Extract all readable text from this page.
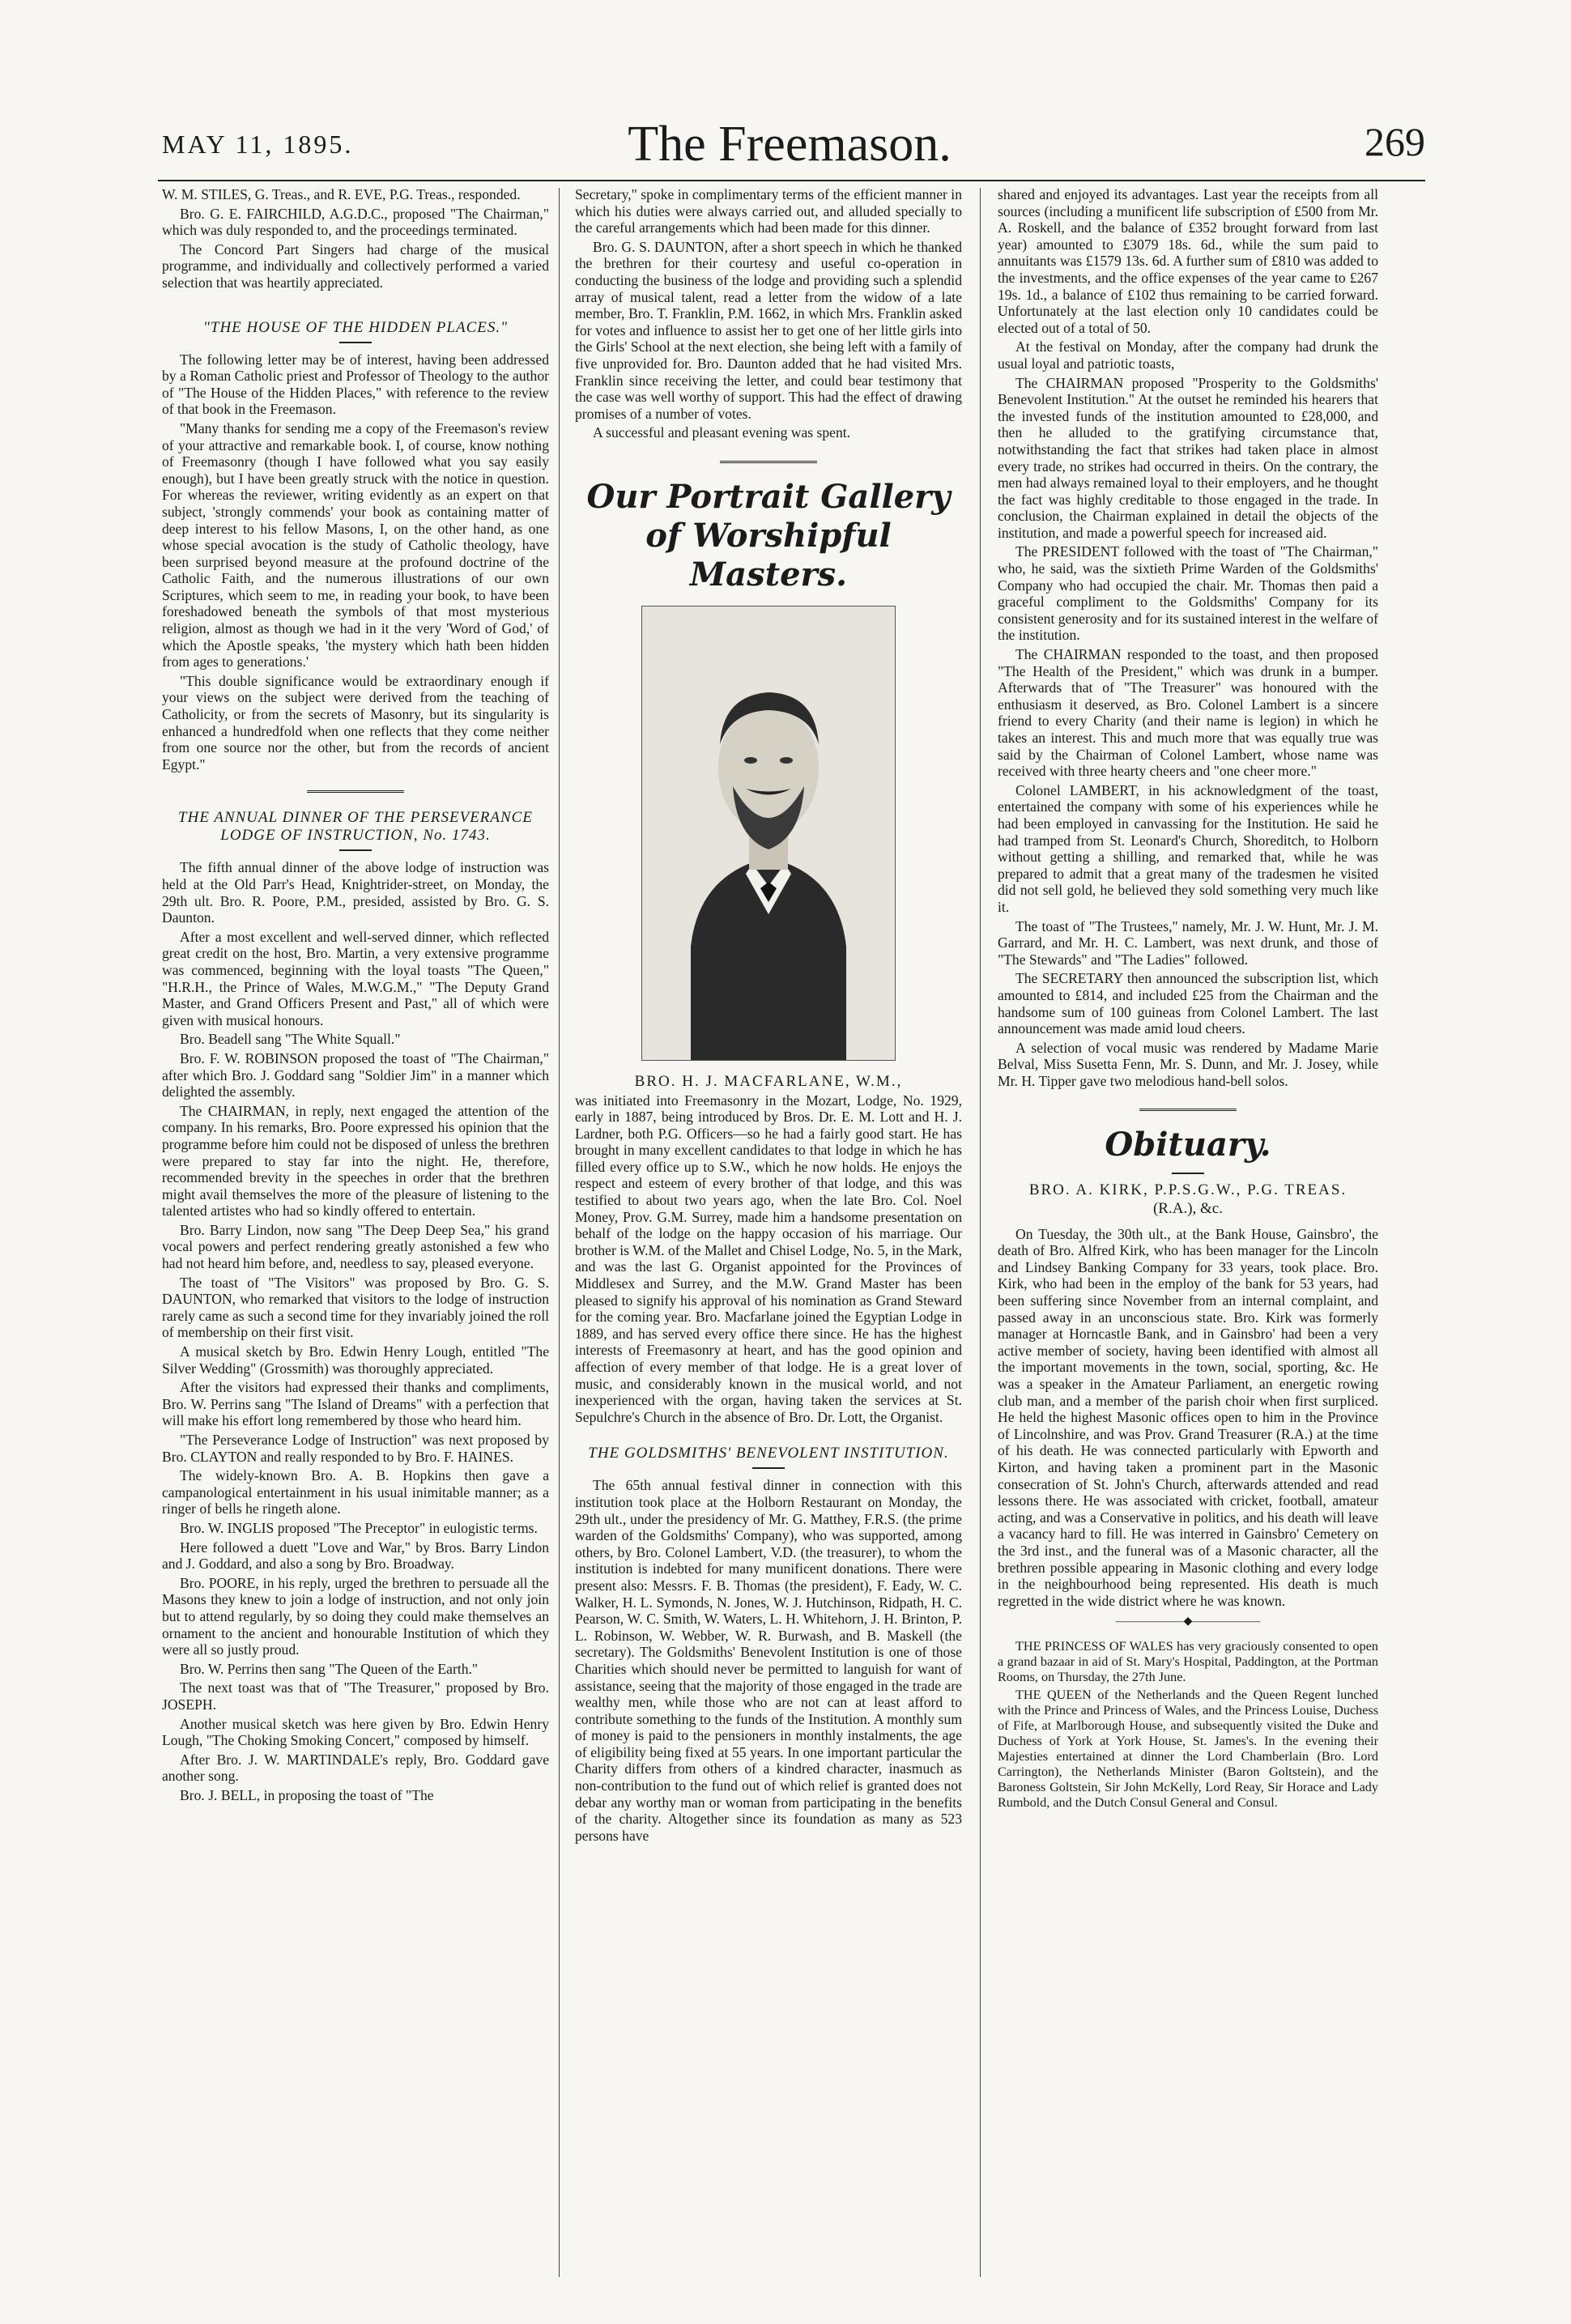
MAY 11, 1895.	The Freemason.	269

W. M. STILES, G. Treas., and R. EVE, P.G. Treas., responded.

Bro. G. E. FAIRCHILD, A.G.D.C., proposed "The Chairman," which was duly responded to, and the proceedings terminated.

The Concord Part Singers had charge of the musical programme, and individually and collectively performed a varied selection that was heartily appreciated.

"THE HOUSE OF THE HIDDEN PLACES."

The following letter may be of interest, having been addressed by a Roman Catholic priest and Professor of Theology to the author of "The House of the Hidden Places," with reference to the review of that book in the Freemason.

"Many thanks for sending me a copy of the Freemason's review of your attractive and remarkable book. I, of course, know nothing of Freemasonry (though I have followed what you say easily enough), but I have been greatly struck with the notice in question. For whereas the reviewer, writing evidently as an expert on that subject, 'strongly commends' your book as containing matter of deep interest to his fellow Masons, I, on the other hand, as one whose special avocation is the study of Catholic theology, have been surprised beyond measure at the profound doctrine of the Catholic Faith, and the numerous illustrations of our own Scriptures, which seem to me, in reading your book, to have been foreshadowed beneath the symbols of that most mysterious religion, almost as though we had in it the very 'Word of God,' of which the Apostle speaks, 'the mystery which hath been hidden from ages to generations.'

"This double significance would be extraordinary enough if your views on the subject were derived from the teaching of Catholicity, or from the secrets of Masonry, but its singularity is enhanced a hundredfold when one reflects that they come neither from one source nor the other, but from the records of ancient Egypt."

THE ANNUAL DINNER OF THE PERSEVERANCE LODGE OF INSTRUCTION, No. 1743.

The fifth annual dinner of the above lodge of instruction was held at the Old Parr's Head, Knightrider-street, on Monday, the 29th ult. Bro. R. Poore, P.M., presided, assisted by Bro. G. S. Daunton.

After a most excellent and well-served dinner, which reflected great credit on the host, Bro. Martin, a very extensive programme was commenced, beginning with the loyal toasts "The Queen," "H.R.H., the Prince of Wales, M.W.G.M.," "The Deputy Grand Master, and Grand Officers Present and Past," all of which were given with musical honours.

Bro. Beadell sang "The White Squall."

Bro. F. W. ROBINSON proposed the toast of "The Chairman," after which Bro. J. Goddard sang "Soldier Jim" in a manner which delighted the assembly.

The CHAIRMAN, in reply, next engaged the attention of the company. In his remarks, Bro. Poore expressed his opinion that the programme before him could not be disposed of unless the brethren were prepared to stay far into the night. He, therefore, recommended brevity in the speeches in order that the brethren might avail themselves the more of the pleasure of listening to the talented artistes who had so kindly offered to entertain.

Bro. Barry Lindon, now sang "The Deep Deep Sea," his grand vocal powers and perfect rendering greatly astonished a few who had not heard him before, and, needless to say, pleased everyone.

The toast of "The Visitors" was proposed by Bro. G. S. DAUNTON, who remarked that visitors to the lodge of instruction rarely came as such a second time for they invariably joined the roll of membership on their first visit.

A musical sketch by Bro. Edwin Henry Lough, entitled "The Silver Wedding" (Grossmith) was thoroughly appreciated.

After the visitors had expressed their thanks and compliments, Bro. W. Perrins sang "The Island of Dreams" with a perfection that will make his effort long remembered by those who heard him.

"The Perseverance Lodge of Instruction" was next proposed by Bro. CLAYTON and really responded to by Bro. F. HAINES.

The widely-known Bro. A. B. Hopkins then gave a campanological entertainment in his usual inimitable manner; as a ringer of bells he ringeth alone.

Bro. W. INGLIS proposed "The Preceptor" in eulogistic terms.

Here followed a duett "Love and War," by Bros. Barry Lindon and J. Goddard, and also a song by Bro. Broadway.

Bro. POORE, in his reply, urged the brethren to persuade all the Masons they knew to join a lodge of instruction, and not only join but to attend regularly, by so doing they could make themselves an ornament to the ancient and honourable Institution of which they were all so justly proud.

Bro. W. Perrins then sang "The Queen of the Earth."

The next toast was that of "The Treasurer," proposed by Bro. JOSEPH.

Another musical sketch was here given by Bro. Edwin Henry Lough, "The Choking Smoking Concert," composed by himself.

After Bro. J. W. MARTINDALE's reply, Bro. Goddard gave another song.

Bro. J. BELL, in proposing the toast of "The

Secretary," spoke in complimentary terms of the efficient manner in which his duties were always carried out, and alluded specially to the careful arrangements which had been made for this dinner.

Bro. G. S. DAUNTON, after a short speech in which he thanked the brethren for their courtesy and useful co-operation in conducting the business of the lodge and providing such a splendid array of musical talent, read a letter from the widow of a late member, Bro. T. Franklin, P.M. 1662, in which Mrs. Franklin asked for votes and influence to assist her to get one of her little girls into the Girls' School at the next election, she being left with a family of five unprovided for. Bro. Daunton added that he had visited Mrs. Franklin since receiving the letter, and could bear testimony that the case was well worthy of support. This had the effect of drawing promises of a number of votes.

A successful and pleasant evening was spent.

Our Portrait Gallery of Worshipful Masters.
BRO. H. J. MACFARLANE, W.M.,

was initiated into Freemasonry in the Mozart, Lodge, No. 1929, early in 1887, being introduced by Bros. Dr. E. M. Lott and H. J. Lardner, both P.G. Officers—so he had a fairly good start. He has brought in many excellent candidates to that lodge in which he has filled every office up to S.W., which he now holds. He enjoys the respect and esteem of every brother of that lodge, and this was testified to about two years ago, when the late Bro. Col. Noel Money, Prov. G.M. Surrey, made him a handsome presentation on behalf of the lodge on the happy occasion of his marriage. Our brother is W.M. of the Mallet and Chisel Lodge, No. 5, in the Mark, and was the last G. Organist appointed for the Provinces of Middlesex and Surrey, and the M.W. Grand Master has been pleased to signify his approval of his nomination as Grand Steward for the coming year. Bro. Macfarlane joined the Egyptian Lodge in 1889, and has served every office there since. He has the highest interests of Freemasonry at heart, and has the good opinion and affection of every member of that lodge. He is a great lover of music, and considerably known in the musical world, and not inexperienced with the organ, having taken the services at St. Sepulchre's Church in the absence of Bro. Dr. Lott, the Organist.

THE GOLDSMITHS' BENEVOLENT INSTITUTION.

The 65th annual festival dinner in connection with this institution took place at the Holborn Restaurant on Monday, the 29th ult., under the presidency of Mr. G. Matthey, F.R.S. (the prime warden of the Goldsmiths' Company), who was supported, among others, by Bro. Colonel Lambert, V.D. (the treasurer), to whom the institution is indebted for many munificent donations. There were present also: Messrs. F. B. Thomas (the president), F. Eady, W. C. Walker, H. L. Symonds, N. Jones, W. J. Hutchinson, Ridpath, H. C. Pearson, W. C. Smith, W. Waters, L. H. Whitehorn, J. H. Brinton, P. L. Robinson, W. Webber, W. R. Burwash, and B. Maskell (the secretary). The Goldsmiths' Benevolent Institution is one of those Charities which should never be permitted to languish for want of assistance, seeing that the majority of those engaged in the trade are wealthy men, while those who are not can at least afford to contribute something to the funds of the Institution. A monthly sum of money is paid to the pensioners in monthly instalments, the age of eligibility being fixed at 55 years. In one important particular the Charity differs from others of a kindred character, inasmuch as non-contribution to the fund out of which relief is granted does not debar any worthy man or woman from participating in the benefits of the charity. Altogether since its foundation as many as 523 persons have

shared and enjoyed its advantages. Last year the receipts from all sources (including a munificent life subscription of £500 from Mr. A. Roskell, and the balance of £352 brought forward from last year) amounted to £3079 18s. 6d., while the sum paid to annuitants was £1579 13s. 6d. A further sum of £810 was added to the investments, and the office expenses of the year came to £267 19s. 1d., a balance of £102 thus remaining to be carried forward. Unfortunately at the last election only 10 candidates could be elected out of a total of 50.

At the festival on Monday, after the company had drunk the usual loyal and patriotic toasts,

The CHAIRMAN proposed "Prosperity to the Goldsmiths' Benevolent Institution." At the outset he reminded his hearers that the invested funds of the institution amounted to £28,000, and then he alluded to the gratifying circumstance that, notwithstanding the fact that strikes had taken place in almost every trade, no strikes had occurred in theirs. On the contrary, the men had always remained loyal to their employers, and he thought the fact was highly creditable to those engaged in the trade. In conclusion, the Chairman explained in detail the objects of the institution, and made a powerful speech for increased aid.

The PRESIDENT followed with the toast of "The Chairman," who, he said, was the sixtieth Prime Warden of the Goldsmiths' Company who had occupied the chair. Mr. Thomas then paid a graceful compliment to the Goldsmiths' Company for its consistent generosity and for its sustained interest in the welfare of the institution.

The CHAIRMAN responded to the toast, and then proposed "The Health of the President," which was drunk in a bumper. Afterwards that of "The Treasurer" was honoured with the enthusiasm it deserved, as Bro. Colonel Lambert is a sincere friend to every Charity (and their name is legion) in which he takes an interest. This and much more that was equally true was said by the Chairman of Colonel Lambert, whose name was received with three hearty cheers and "one cheer more."

Colonel LAMBERT, in his acknowledgment of the toast, entertained the company with some of his experiences while he had been employed in canvassing for the Institution. He said he had tramped from St. Leonard's Church, Shoreditch, to Holborn without getting a shilling, and remarked that, while he was prepared to admit that a great many of the tradesmen he visited did not sell gold, he believed they sold something very much like it.

The toast of "The Trustees," namely, Mr. J. W. Hunt, Mr. J. M. Garrard, and Mr. H. C. Lambert, was next drunk, and those of "The Stewards" and "The Ladies" followed.

The SECRETARY then announced the subscription list, which amounted to £814, and included £25 from the Chairman and the handsome sum of 100 guineas from Colonel Lambert. The last announcement was made amid loud cheers.

A selection of vocal music was rendered by Madame Marie Belval, Miss Susetta Fenn, Mr. S. Dunn, and Mr. J. Josey, while Mr. H. Tipper gave two melodious hand-bell solos.

Obituary.
BRO. A. KIRK, P.P.S.G.W., P.G. TREAS.
(R.A.), &c.

On Tuesday, the 30th ult., at the Bank House, Gainsbro', the death of Bro. Alfred Kirk, who has been manager for the Lincoln and Lindsey Banking Company for 33 years, took place. Bro. Kirk, who had been in the employ of the bank for 53 years, had been suffering since November from an internal complaint, and passed away in an unconscious state. Bro. Kirk was formerly manager at Horncastle Bank, and in Gainsbro' had been a very active member of society, having been identified with almost all the important movements in the town, social, sporting, &c. He was a speaker in the Amateur Parliament, an energetic rowing club man, and a member of the parish choir when first surpliced. He held the highest Masonic offices open to him in the Province of Lincolnshire, and was Prov. Grand Treasurer (R.A.) at the time of his death. He was connected particularly with Epworth and Kirton, and having taken a prominent part in the Masonic consecration of St. John's Church, afterwards attended and read lessons there. He was associated with cricket, football, amateur acting, and was a Conservative in politics, and his death will leave a vacancy hard to fill. He was interred in Gainsbro' Cemetery on the 3rd inst., and the funeral was of a Masonic character, all the brethren possible appearing in Masonic clothing and every lodge in the neighbourhood being represented. His death is much regretted in the wide district where he was known.

——————◆——————

THE PRINCESS OF WALES has very graciously consented to open a grand bazaar in aid of St. Mary's Hospital, Paddington, at the Portman Rooms, on Thursday, the 27th June.

THE QUEEN of the Netherlands and the Queen Regent lunched with the Prince and Princess of Wales, and the Princess Louise, Duchess of Fife, at Marlborough House, and subsequently visited the Duke and Duchess of York at York House, St. James's. In the evening their Majesties entertained at dinner the Lord Chamberlain (Bro. Lord Carrington), the Netherlands Minister (Baron Goltstein), and the Baroness Goltstein, Sir John McKelly, Lord Reay, Sir Horace and Lady Rumbold, and the Dutch Consul General and Consul.
